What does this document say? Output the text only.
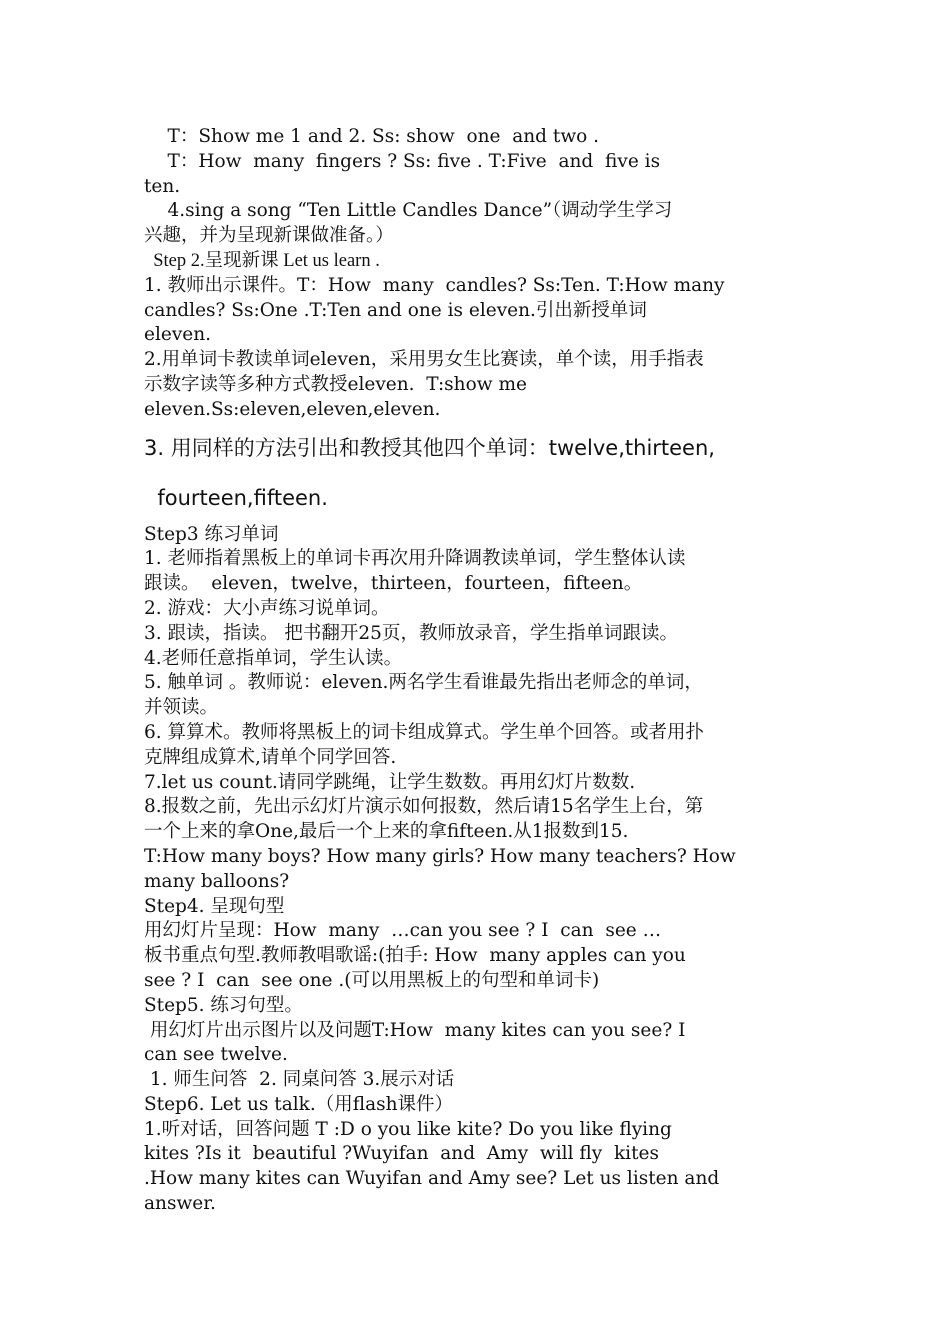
T：Show me 1 and 2. Ss: show  one  and two .

T：How  many  fingers ? Ss: five . T:Five  and  five is

ten.

4.sing a song “Ten Little Candles Dance”（调动学生学习

兴趣，并为呈现新课做准备。）

Step 2.呈现新课 Let us learn .

1. 教师出示课件。T：How  many  candles? Ss:Ten. T:How many

candles? Ss:One .T:Ten and one is eleven.引出新授单词

eleven.

2.用单词卡教读单词eleven，采用男女生比赛读，单个读，用手指表

示数字读等多种方式教授eleven.  T:show me

eleven.Ss:eleven,eleven,eleven.

3. 用同样的方法引出和教授其他四个单词：twelve,thirteen,

fourteen,fifteen.

Step3 练习单词

1. 老师指着黑板上的单词卡再次用升降调教读单词，学生整体认读

跟读。  eleven，twelve，thirteen，fourteen，fifteen。

2. 游戏：大小声练习说单词。

3. 跟读，指读。 把书翻开25页，教师放录音，学生指单词跟读。

4.老师任意指单词，学生认读。

5. 触单词 。教师说：eleven.两名学生看谁最先指出老师念的单词，

并领读。

6. 算算术。教师将黑板上的词卡组成算式。学生单个回答。或者用扑

克牌组成算术,请单个同学回答.

7.let us count.请同学跳绳，让学生数数。再用幻灯片数数.

8.报数之前，先出示幻灯片演示如何报数，然后请15名学生上台，第

一个上来的拿One,最后一个上来的拿fifteen.从1报数到15.

T:How many boys? How many girls? How many teachers? How

many balloons?

Step4. 呈现句型

用幻灯片呈现：How  many  …can you see ? I  can  see …

板书重点句型.教师教唱歌谣:(拍手: How  many apples can you

see ? I  can  see one .(可以用黑板上的句型和单词卡)

Step5. 练习句型。

用幻灯片出示图片以及问题T:How  many kites can you see? I

can see twelve.

1. 师生问答  2. 同桌问答 3.展示对话

Step6. Let us talk.（用flash课件）

1.听对话，回答问题 T :D o you like kite? Do you like flying

kites ?Is it  beautiful ?Wuyifan  and  Amy  will fly  kites

.How many kites can Wuyifan and Amy see? Let us listen and

answer.
